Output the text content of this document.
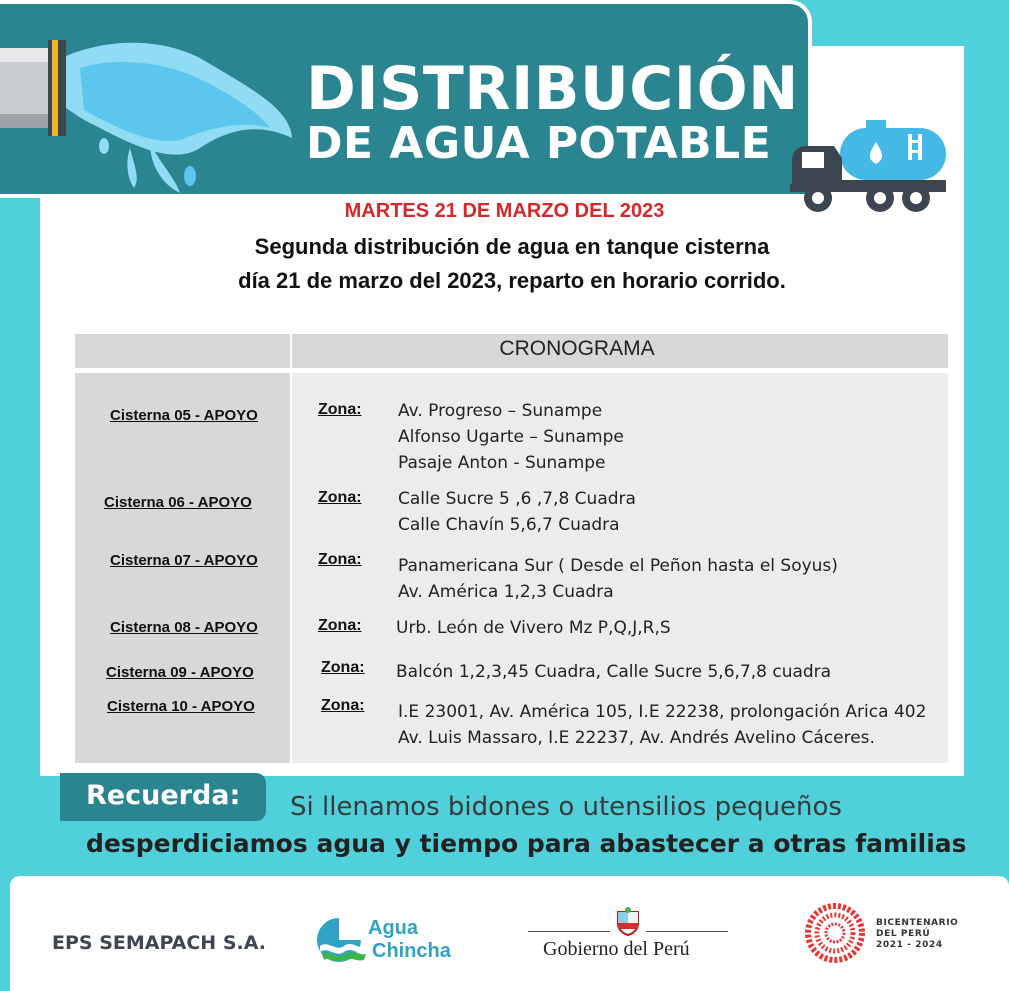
DISTRIBUCIÓN
DE AGUA POTABLE
MARTES 21 DE MARZO DEL 2023
Segunda distribución de agua en tanque cisterna
día 21 de marzo del 2023, reparto en horario corrido.
CRONOGRAMA
Cisterna 05 - APOYO	Zona: Av. Progreso – Sunampe
Alfonso Ugarte – Sunampe
Pasaje Anton - Sunampe
Cisterna 06 - APOYO	Zona: Calle Sucre 5 ,6 ,7,8 Cuadra
Calle Chavín 5,6,7 Cuadra
Cisterna 07 - APOYO	Zona: Panamericana Sur ( Desde el Peñon hasta el Soyus)
Av. América 1,2,3 Cuadra
Cisterna 08 - APOYO	Zona: Urb. León de Vivero Mz P,Q,J,R,S
Cisterna 09 - APOYO	Zona: Balcón 1,2,3,45 Cuadra, Calle Sucre 5,6,7,8 cuadra
Cisterna 10 - APOYO	Zona: I.E 23001, Av. América 105, I.E 22238, prolongación Arica 402
Av. Luis Massaro, I.E 22237, Av. Andrés Avelino Cáceres.
Recuerda: Si llenamos bidones o utensilios pequeños
desperdiciamos agua y tiempo para abastecer a otras familias
EPS SEMAPACH S.A.
Agua
Chincha	Gobierno del Perú
BICENTENARIO
DEL PERÚ
2021 - 2024
